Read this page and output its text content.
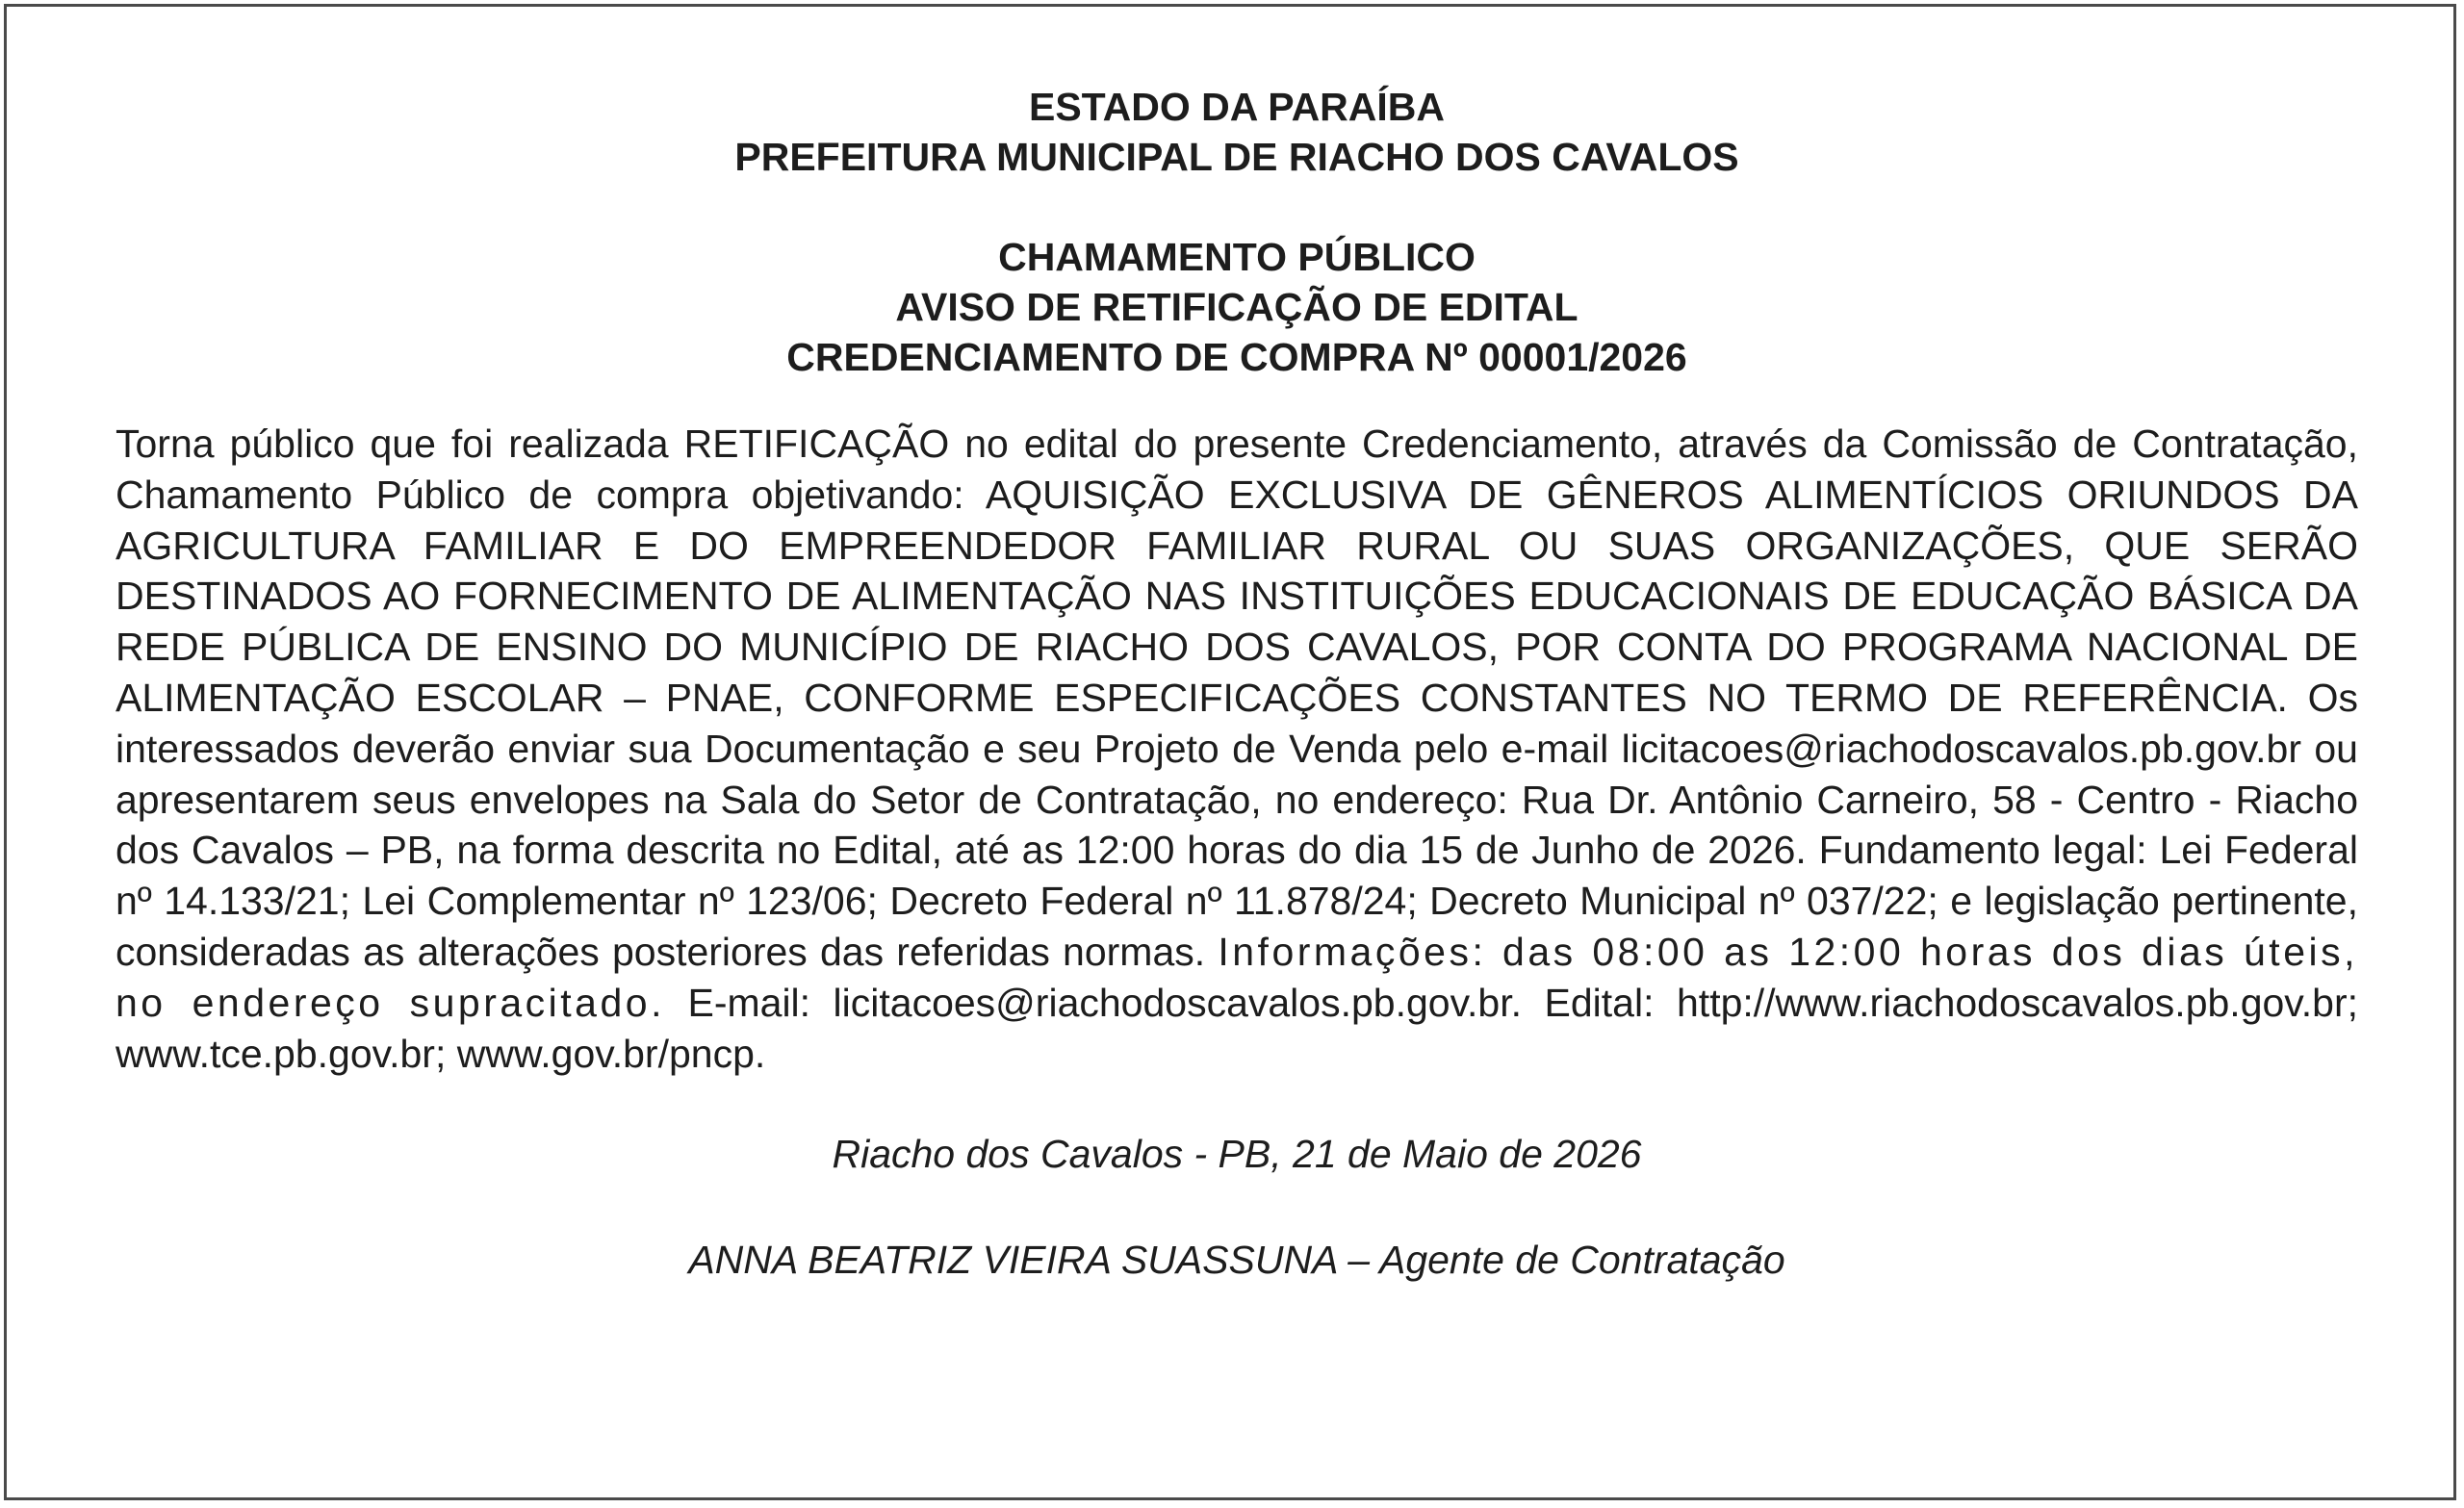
ESTADO DA PARAÍBA
PREFEITURA MUNICIPAL DE RIACHO DOS CAVALOS
CHAMAMENTO PÚBLICO
AVISO DE RETIFICAÇÃO DE EDITAL
CREDENCIAMENTO DE COMPRA Nº 00001/2026
Torna público que foi realizada RETIFICAÇÃO no edital do presente Credenciamento, através da Comissão de Contratação, Chamamento Público de compra objetivando: AQUISIÇÃO EXCLUSIVA DE GÊNEROS ALIMENTÍCIOS ORIUNDOS DA AGRICULTURA FAMILIAR E DO EMPREENDEDOR FAMILIAR RURAL OU SUAS ORGANIZAÇÕES, QUE SERÃO DESTINADOS AO FORNECIMENTO DE ALIMENTAÇÃO NAS INSTITUIÇÕES EDUCACIONAIS DE EDUCAÇÃO BÁSICA DA REDE PÚBLICA DE ENSINO DO MUNICÍPIO DE RIACHO DOS CAVALOS, POR CONTA DO PROGRAMA NACIONAL DE ALIMENTAÇÃO ESCOLAR – PNAE, CONFORME ESPECIFICAÇÕES CONSTANTES NO TERMO DE REFERÊNCIA. Os interessados deverão enviar sua Documentação e seu Projeto de Venda pelo e-mail licitacoes@riachodoscavalos.pb.gov.br ou apresentarem seus envelopes na Sala do Setor de Contratação, no endereço: Rua Dr. Antônio Carneiro, 58 - Centro - Riacho dos Cavalos – PB, na forma descrita no Edital, até as 12:00 horas do dia 15 de Junho de 2026. Fundamento legal: Lei Federal nº 14.133/21; Lei Complementar nº 123/06; Decreto Federal nº 11.878/24; Decreto Municipal nº 037/22; e legislação pertinente, consideradas as alterações posteriores das referidas normas. Informações: das 08:00 as 12:00 horas dos dias úteis, no endereço supracitado. E-mail: licitacoes@riachodoscavalos.pb.gov.br. Edital: http://www.riachodoscavalos.pb.gov.br; www.tce.pb.gov.br; www.gov.br/pncp.
Riacho dos Cavalos - PB, 21 de Maio de 2026
ANNA BEATRIZ VIEIRA SUASSUNA – Agente de Contratação
